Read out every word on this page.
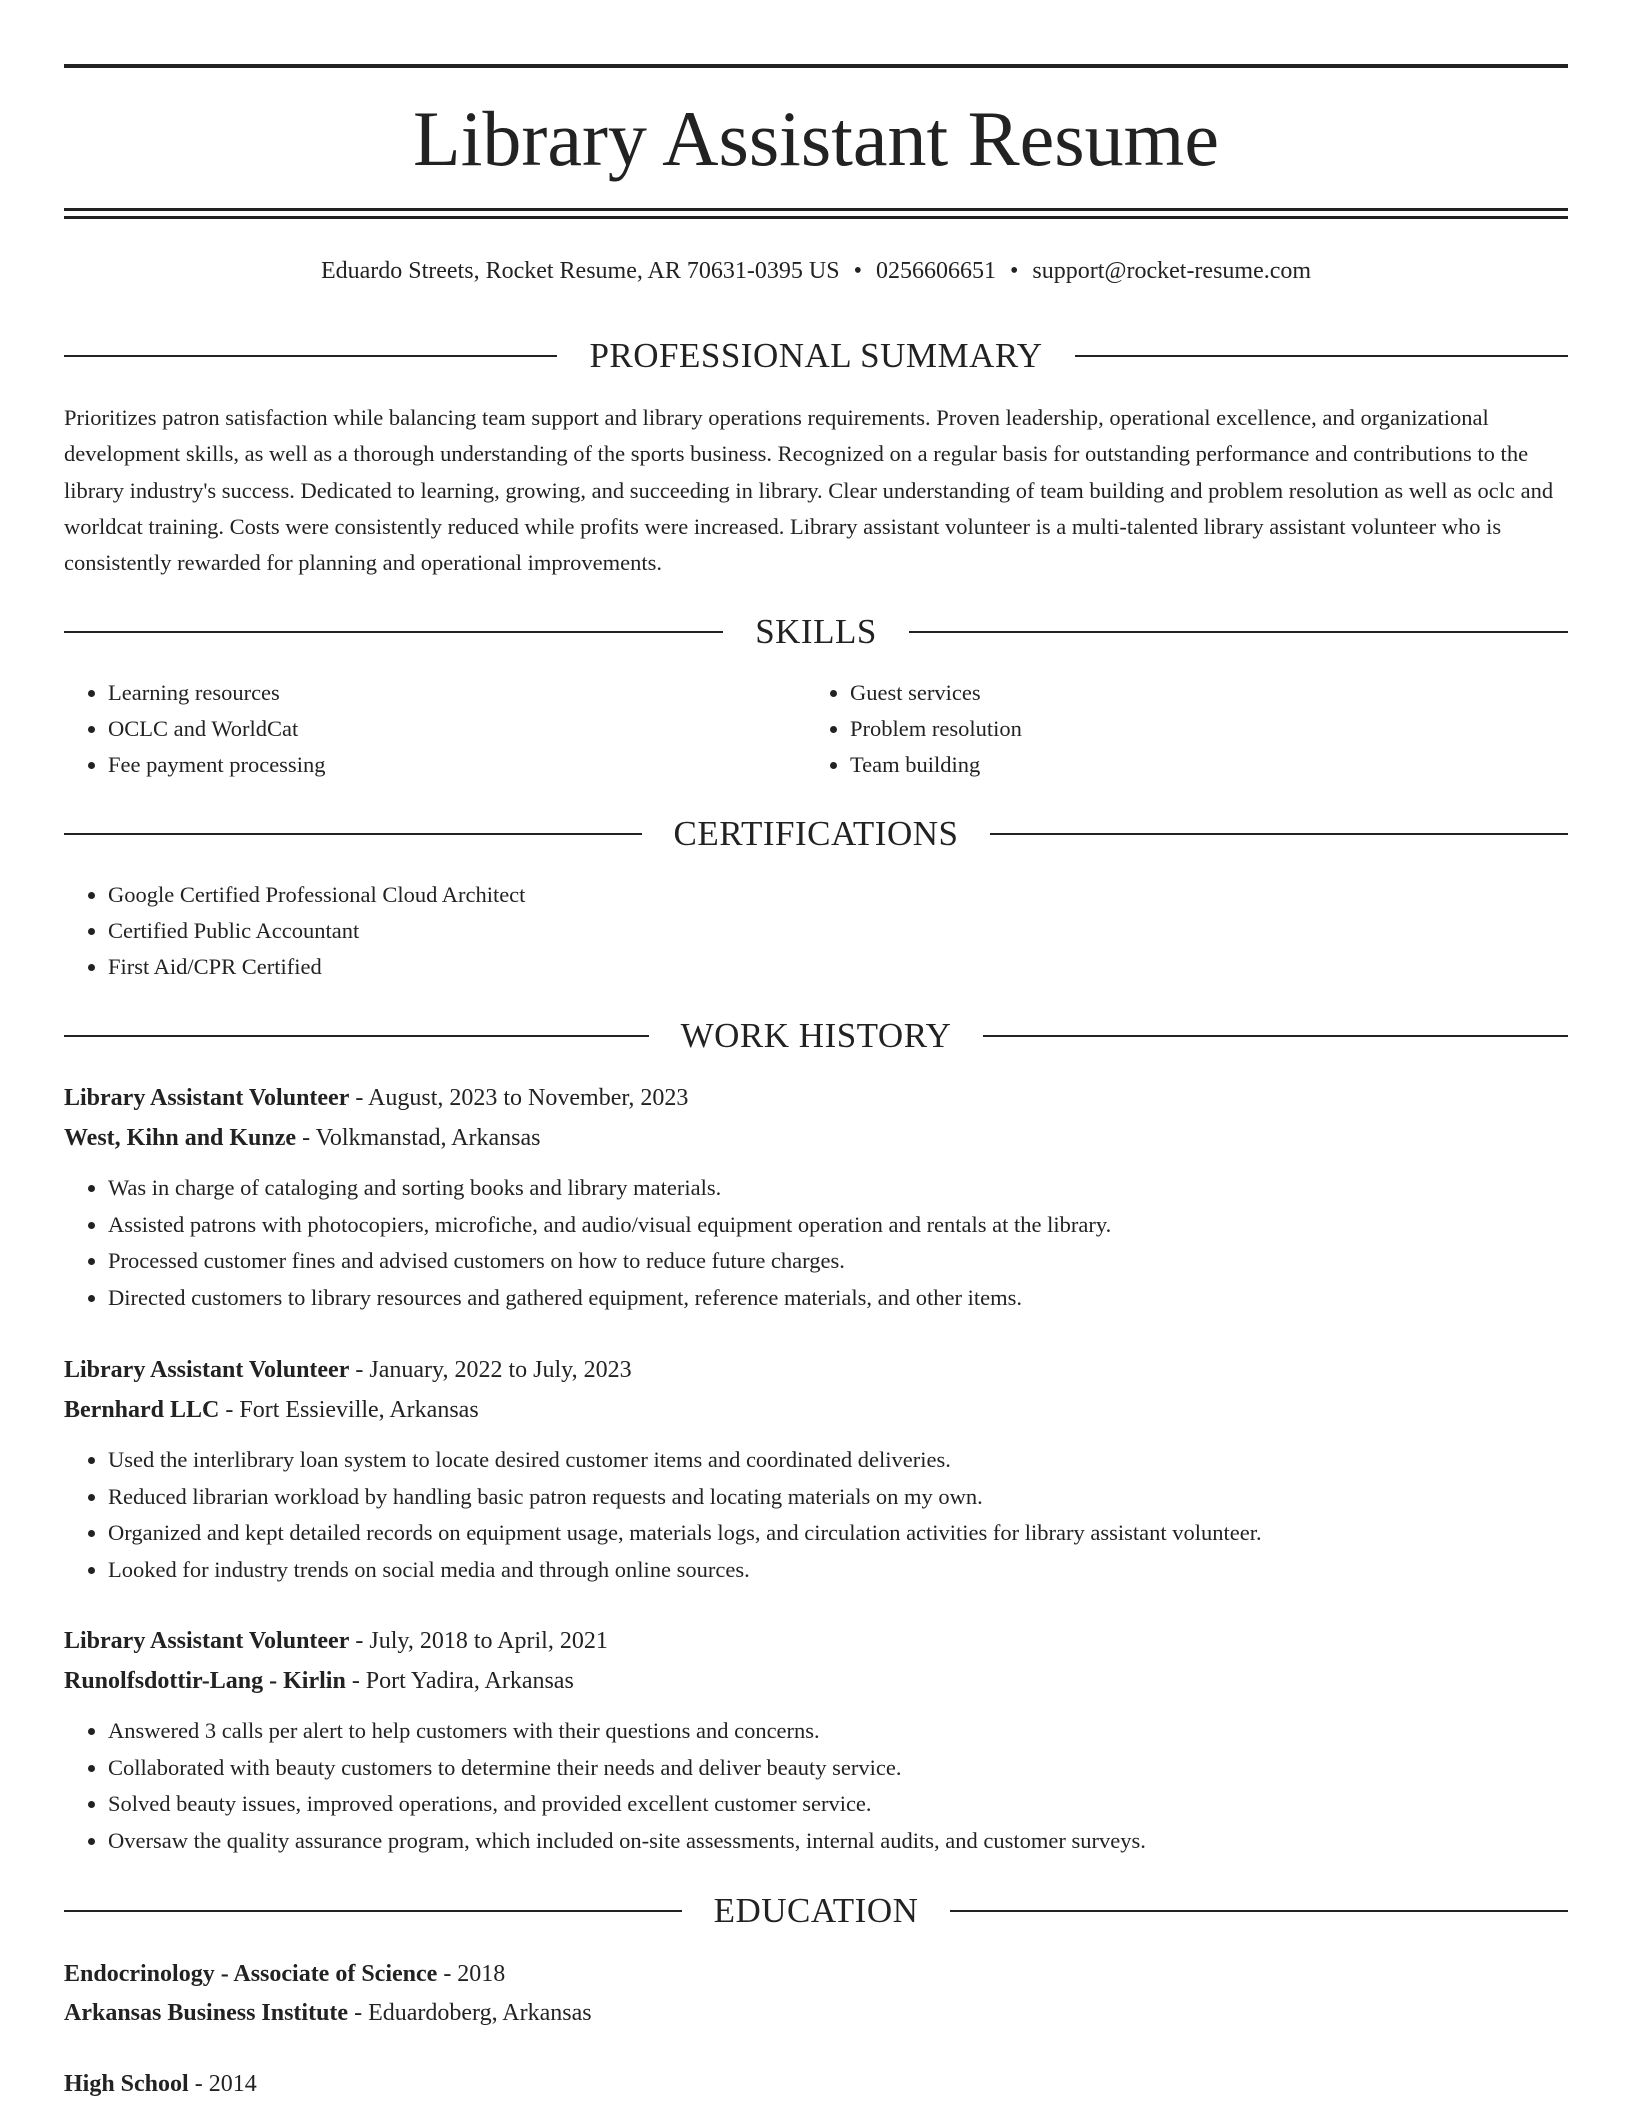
Library Assistant Resume
Eduardo Streets, Rocket Resume, AR 70631-0395 US • 0256606651 • support@rocket-resume.com
PROFESSIONAL SUMMARY

Prioritizes patron satisfaction while balancing team support and library operations requirements. Proven leadership, operational excellence, and organizational development skills, as well as a thorough understanding of the sports business. Recognized on a regular basis for outstanding performance and contributions to the library industry's success. Dedicated to learning, growing, and succeeding in library. Clear understanding of team building and problem resolution as well as oclc and worldcat training. Costs were consistently reduced while profits were increased. Library assistant volunteer is a multi-talented library assistant volunteer who is consistently rewarded for planning and operational improvements.

SKILLS
• Learning resources
• OCLC and WorldCat
• Fee payment processing
• Guest services
• Problem resolution
• Team building
CERTIFICATIONS
• Google Certified Professional Cloud Architect
• Certified Public Accountant
• First Aid/CPR Certified
WORK HISTORY
Library Assistant Volunteer - August, 2023 to November, 2023
West, Kihn and Kunze - Volkmanstad, Arkansas
• Was in charge of cataloging and sorting books and library materials.
• Assisted patrons with photocopiers, microfiche, and audio/visual equipment operation and rentals at the library.
• Processed customer fines and advised customers on how to reduce future charges.
• Directed customers to library resources and gathered equipment, reference materials, and other items.
Library Assistant Volunteer - January, 2022 to July, 2023
Bernhard LLC - Fort Essieville, Arkansas
• Used the interlibrary loan system to locate desired customer items and coordinated deliveries.
• Reduced librarian workload by handling basic patron requests and locating materials on my own.
• Organized and kept detailed records on equipment usage, materials logs, and circulation activities for library assistant volunteer.
• Looked for industry trends on social media and through online sources.
Library Assistant Volunteer - July, 2018 to April, 2021
Runolfsdottir-Lang - Kirlin - Port Yadira, Arkansas
• Answered 3 calls per alert to help customers with their questions and concerns.
• Collaborated with beauty customers to determine their needs and deliver beauty service.
• Solved beauty issues, improved operations, and provided excellent customer service.
• Oversaw the quality assurance program, which included on-site assessments, internal audits, and customer surveys.
EDUCATION
Endocrinology - Associate of Science - 2018
Arkansas Business Institute - Eduardoberg, Arkansas
High School - 2014
